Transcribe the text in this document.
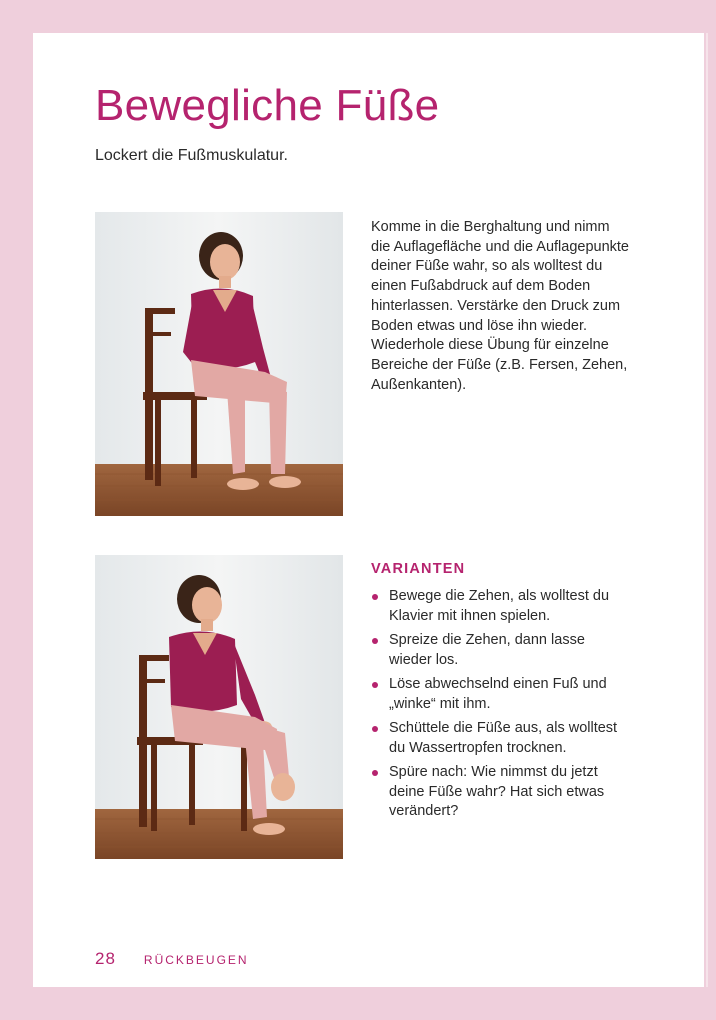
Bewegliche Füße

Lockert die Fußmuskulatur.

Komme in die Berghaltung und nimm die Auflagefläche und die Auflagepunkte deiner Füße wahr, so als wolltest du einen Fußabdruck auf dem Boden hinterlassen. Verstärke den Druck zum Boden etwas und löse ihn wieder. Wiederhole diese Übung für einzelne Bereiche der Füße (z.B. Fersen, Zehen, Außenkanten).

VARIANTEN
Bewege die Zehen, als wolltest du Klavier mit ihnen spielen.
Spreize die Zehen, dann lasse wieder los.
Löse abwechselnd einen Fuß und „winke“ mit ihm.
Schüttele die Füße aus, als wolltest du Wassertropfen trocknen.
Spüre nach: Wie nimmst du jetzt deine Füße wahr? Hat sich etwas verändert?
28 RÜCKBEUGEN
